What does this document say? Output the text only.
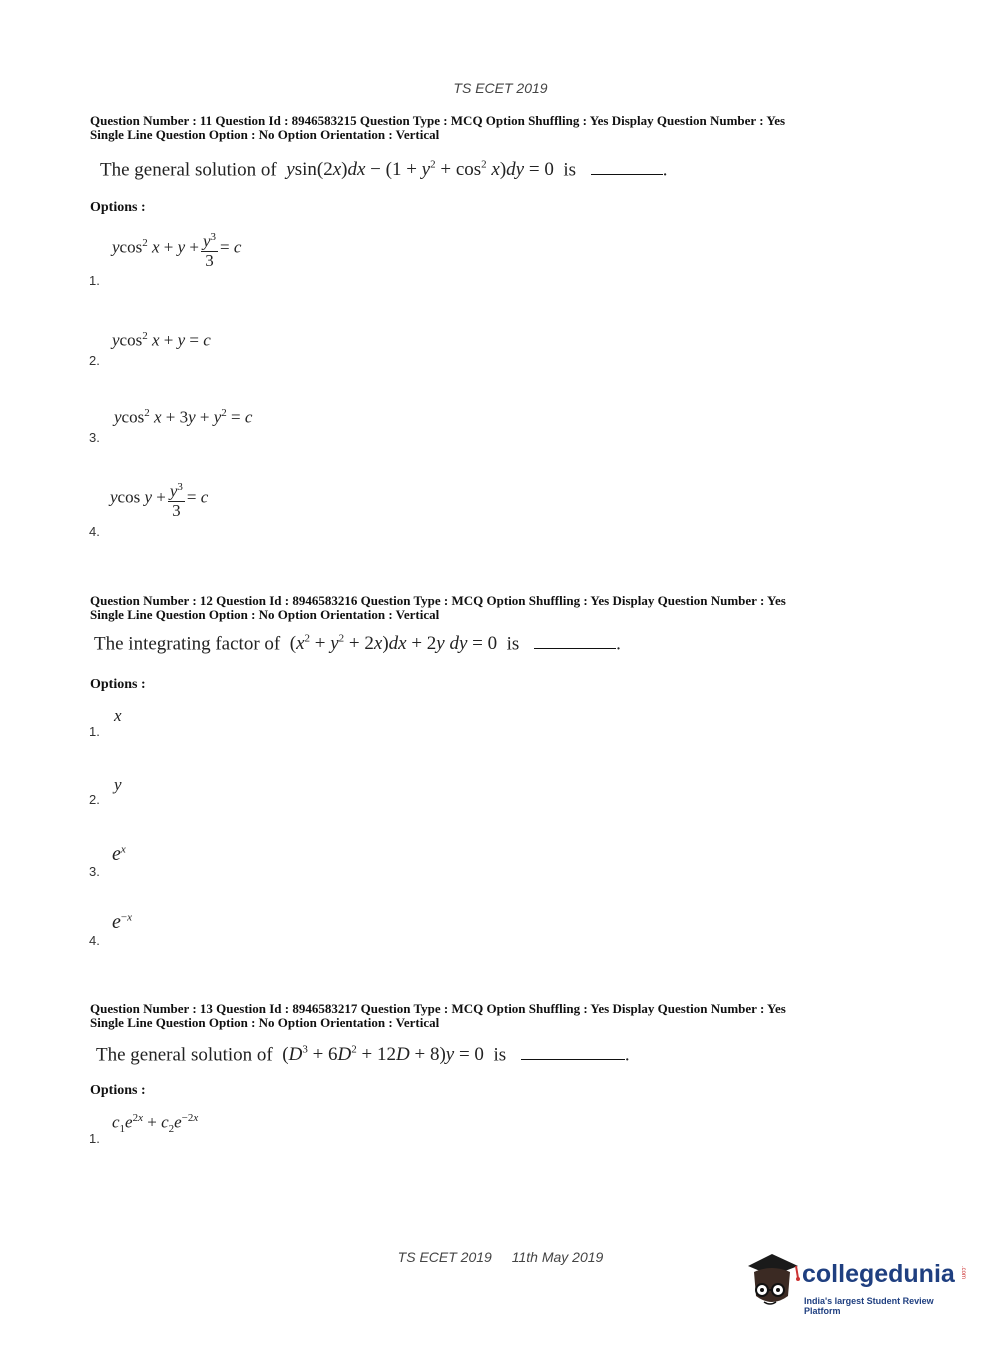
TS ECET 2019
Question Number : 11 Question Id : 8946583215 Question Type : MCQ Option Shuffling : Yes Display Question Number : Yes
Single Line Question Option : No Option Orientation : Vertical
The general solution of $ysin(2x)dx - (1 + y^2 + \cos^2 x)dy = 0$  is	.
Options :
ycos$^2$ $x + y + \frac{y^3}{3} = c$
1.
ycos$^2$ x + y = c
2.
ycos$^2$ $x + 3y + y^2 = c$
3.
ycos $y + \frac{y^3}{3} = c$
4.
Question Number : 12 Question Id : 8946583216 Question Type : MCQ Option Shuffling : Yes Display Question Number : Yes
Single Line Question Option : No Option Orientation : Vertical
The integrating factor of  $(x^2 + y^2 + 2x)dx + 2y$ dy = 0  is	.
Options :
x
1.
y
2.
$e^x$
3.
$e^{-x}$
4.
Question Number : 13 Question Id : 8946583217 Question Type : MCQ Option Shuffling : Yes Display Question Number : Yes
Single Line Question Option : No Option Orientation : Vertical
The general solution of  $(D^3 + 6D^2 + 12D + 8)y = 0$  is	.
Options :
$c_1e^{2x} + c_2e^{-2x}$
1.
TS ECET 2019 11th May 2019
collegedunia .com
India's largest Student Review Platform
